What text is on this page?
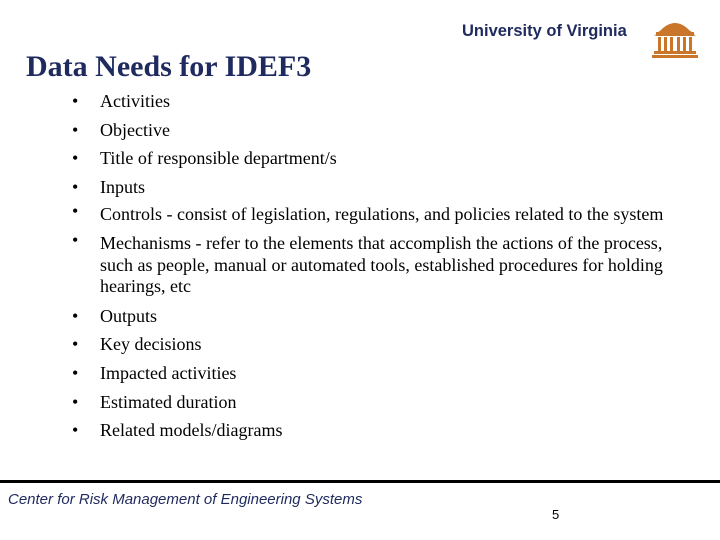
University of Virginia
Data Needs for IDEF3
• Activities
• Objective
• Title of responsible department/s
• Inputs
• Controls - consist of legislation, regulations, and policies related to the system
• Mechanisms - refer to the elements that accomplish the actions of the process, such as people, manual or automated tools, established procedures for holding hearings, etc
• Outputs
• Key decisions
• Impacted activities
• Estimated duration
• Related models/diagrams
Center for Risk Management of Engineering Systems
5
